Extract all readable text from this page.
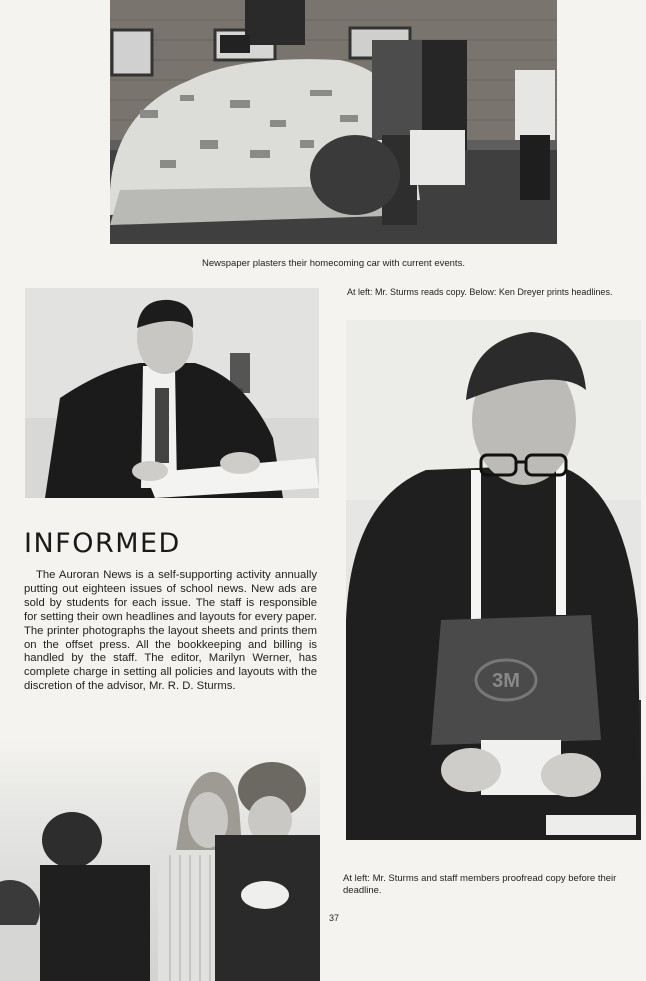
Newspaper plasters their homecoming car with current events.
At left: Mr. Sturms reads copy. Below: Ken Dreyer prints headlines.
3M
INFORMED

The Auroran News is a self-supporting activity annually putting out eighteen issues of school news. New ads are sold by students for each issue. The staff is responsible for setting their own headlines and layouts for every paper. The printer photographs the layout sheets and prints them on the offset press. All the bookkeeping and billing is handled by the staff. The editor, Marilyn Werner, has complete charge in setting all policies and layouts with the discretion of the advisor, Mr. R. D. Sturms.

At left: Mr. Sturms and staff members proofread copy before their deadline.
37
